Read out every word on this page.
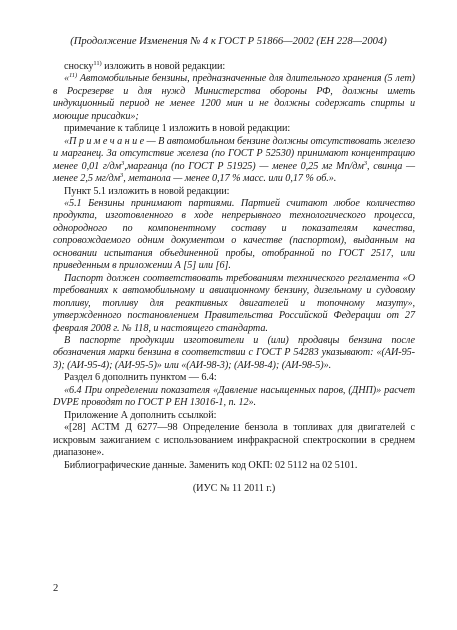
(Продолжение Изменения № 4 к ГОСТ Р 51866—2002 (ЕН 228—2004)

сноску$^{11)}$ изложить в новой редакции:

«$^{11)}$ Автомобильные бензины, предназначенные для длительного хранения (5 лет) в Росрезерве и для нужд Министерства обороны РФ, должны иметь индукционный период не менее 1200 мин и не должны содержать спирты и моющие присадки»;

примечание к таблице 1 изложить в новой редакции:

«П р и м е ч а н и е — В автомобильном бензине должны отсутствовать железо и марганец. За отсутствие железа (по ГОСТ Р 52530) принимают концентрацию менее 0,01 $г/дм^3,марганца$ (по ГОСТ Р 51925) — менее 0,25 мг $Мn/дм^3$, свинца — менее 2,5 $мг/дм^3$, метанола — менее 0,17 % масс. или 0,17 % об.».

Пункт 5.1 изложить в новой редакции:

«5.1 Бензины принимают партиями. Партией считают любое количество продукта, изготовленного в ходе непрерывного технологического процесса, однородного по компонентному составу и показателям качества, сопровождаемого одним документом о качестве (паспортом), выданным на основании испытания объединенной пробы, отобранной по ГОСТ 2517, или приведенным в приложении А [5] или [6].

Паспорт должен соответствовать требованиям технического регламента «О требованиях к автомобильному и авиационному бензину, дизельному и судовому топливу, топливу для реактивных двигателей и топочному мазуту», утвержденного постановлением Правительства Российской Федерации от 27 февраля 2008 г. № 118, и настоящего стандарта.

В паспорте продукции изготовители и (или) продавцы бензина после обозначения марки бензина в соответствии с ГОСТ Р 54283 указывают: «(АИ-95-3); (АИ-95-4); (АИ-95-5)» или «(АИ-98-3); (АИ-98-4); (АИ-98-5)».

Раздел 6 дополнить пунктом — 6.4:

«6.4 При определении показателя «Давление насыщенных паров, (ДНП)» расчет DVPE проводят по ГОСТ Р ЕН 13016-1, п. 12».

Приложение А дополнить ссылкой:

«[28] АСТМ Д 6277—98 Определение бензола в топливах для двигателей с искровым зажиганием с использованием инфракрасной спектроскопии в среднем диапазоне».

Библиографические данные. Заменить код ОКП: 02 5112 на 02 5101.

(ИУС № 11 2011 г.)

2
